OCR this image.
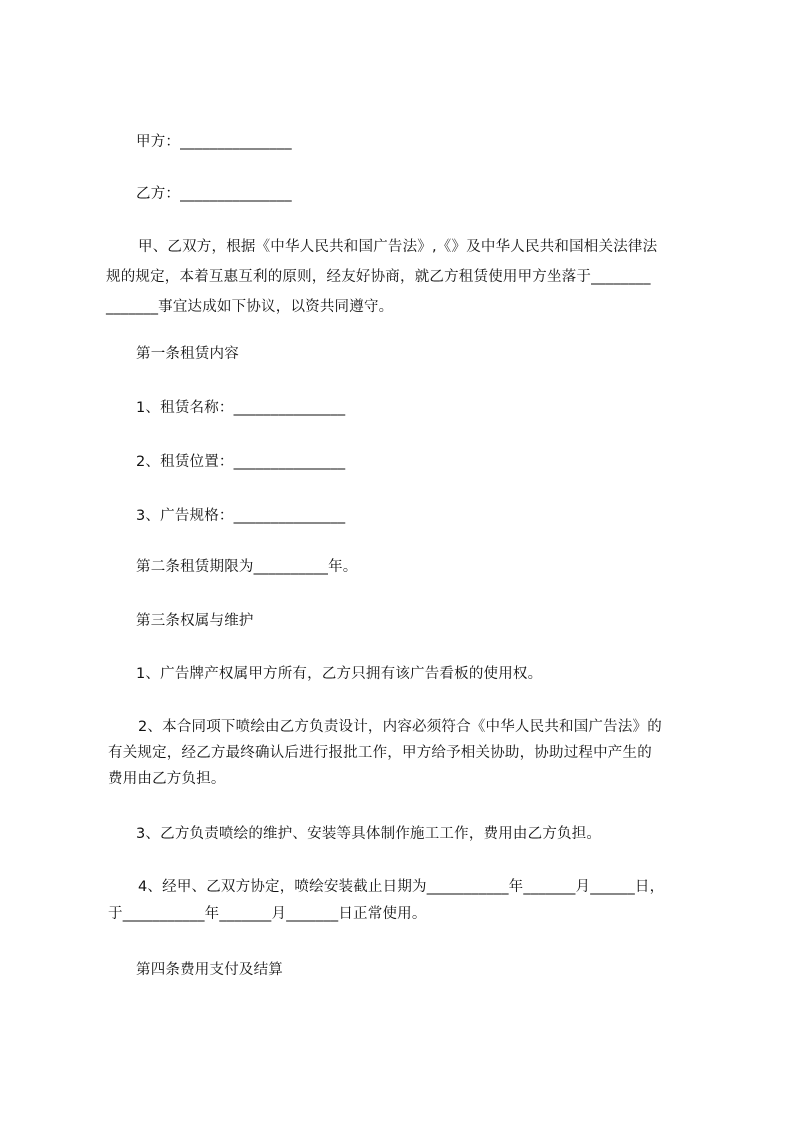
甲方：_______________
乙方：_______________
甲、乙双方，根据《中华人民共和国广告法》,《》及中华人民共和国相关法律法
规的规定，本着互惠互利的原则，经友好协商，就乙方租赁使用甲方坐落于________
_______事宜达成如下协议，以资共同遵守。
第一条租赁内容
1、租赁名称：_______________
2、租赁位置：_______________
3、广告规格：_______________
第二条租赁期限为__________年。
第三条权属与维护
1、广告牌产权属甲方所有，乙方只拥有该广告看板的使用权。
2、本合同项下喷绘由乙方负责设计，内容必须符合《中华人民共和国广告法》的
有关规定，经乙方最终确认后进行报批工作，甲方给予相关协助，协助过程中产生的
费用由乙方负担。
3、乙方负责喷绘的维护、安装等具体制作施工工作，费用由乙方负担。
4、经甲、乙双方协定，喷绘安装截止日期为___________年_______月______日，
于___________年_______月_______日正常使用。
第四条费用支付及结算
